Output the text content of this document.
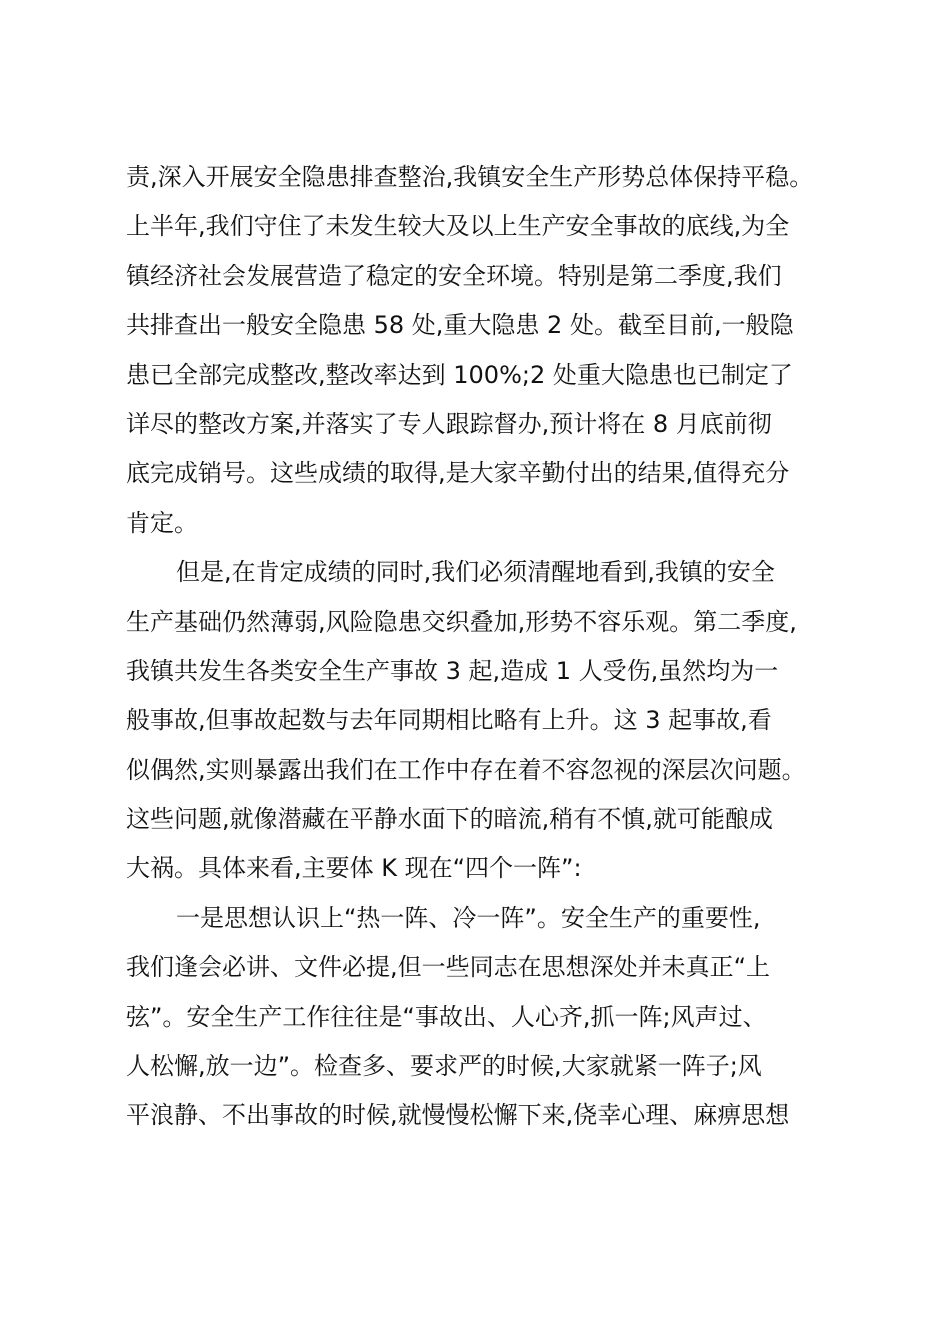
责,深入开展安全隐患排查整治,我镇安全生产形势总体保持平稳。
上半年,我们守住了未发生较大及以上生产安全事故的底线,为全
镇经济社会发展营造了稳定的安全环境。特别是第二季度,我们
共排查出一般安全隐患 58 处,重大隐患 2 处。截至目前,一般隐
患已全部完成整改,整改率达到 100%;2 处重大隐患也已制定了
详尽的整改方案,并落实了专人跟踪督办,预计将在 8 月底前彻
底完成销号。这些成绩的取得,是大家辛勤付出的结果,值得充分
肯定。
但是,在肯定成绩的同时,我们必须清醒地看到,我镇的安全
生产基础仍然薄弱,风险隐患交织叠加,形势不容乐观。第二季度,
我镇共发生各类安全生产事故 3 起,造成 1 人受伤,虽然均为一
般事故,但事故起数与去年同期相比略有上升。这 3 起事故,看
似偶然,实则暴露出我们在工作中存在着不容忽视的深层次问题。
这些问题,就像潜藏在平静水面下的暗流,稍有不慎,就可能酿成
大祸。具体来看,主要体 K 现在“四个一阵”:
一是思想认识上“热一阵、冷一阵”。安全生产的重要性,
我们逢会必讲、文件必提,但一些同志在思想深处并未真正“上
弦”。安全生产工作往往是“事故出、人心齐,抓一阵;风声过、
人松懈,放一边”。检查多、要求严的时候,大家就紧一阵子;风
平浪静、不出事故的时候,就慢慢松懈下来,侥幸心理、麻痹思想
